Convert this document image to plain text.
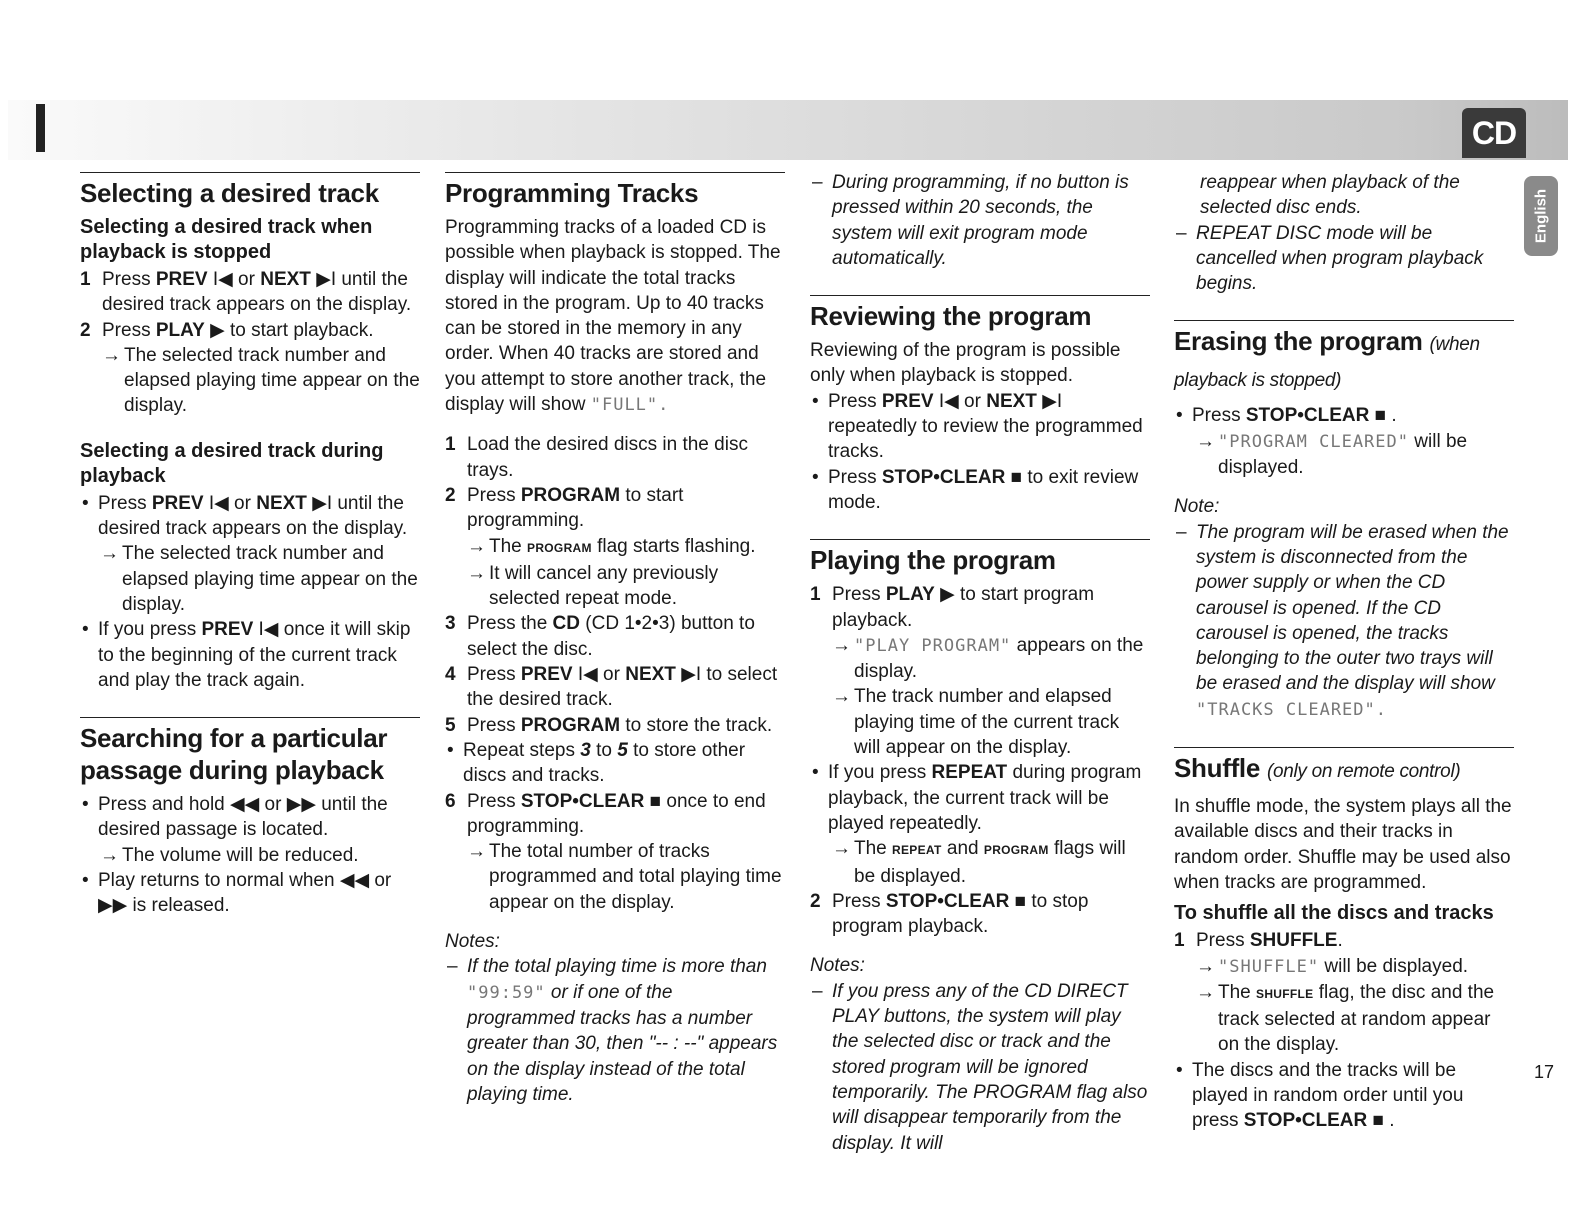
CD
English
Selecting a desired track
Selecting a desired track when playback is stopped

1 Press PREV I◀ or NEXT ▶I until the desired track appears on the display.

2 Press PLAY ▶ to start playback.

→ The selected track number and elapsed playing time appear on the display.

Selecting a desired track during playback

• Press PREV I◀ or NEXT ▶I until the desired track appears on the display.

→ The selected track number and elapsed playing time appear on the display.

• If you press PREV I◀ once it will skip to the beginning of the current track and play the track again.

Searching for a particular passage during playback

• Press and hold ◀◀ or ▶▶ until the desired passage is located.

→ The volume will be reduced.

• Play returns to normal when ◀◀ or ▶▶ is released.

Programming Tracks

Programming tracks of a loaded CD is possible when playback is stopped. The display will indicate the total tracks stored in the program. Up to 40 tracks can be stored in the memory in any order. When 40 tracks are stored and you attempt to store another track, the display will show "FULL".

1 Load the desired discs in the disc trays.

2 Press PROGRAM to start programming.

→ The PROGRAM flag starts flashing.

→ It will cancel any previously selected repeat mode.

3 Press the CD (CD 1•2•3) button to select the disc.

4 Press PREV I◀ or NEXT ▶I to select the desired track.

5 Press PROGRAM to store the track.

• Repeat steps 3 to 5 to store other discs and tracks.

6 Press STOP•CLEAR ■ once to end programming.

→ The total number of tracks programmed and total playing time appear on the display.

Notes:

– If the total playing time is more than "99:59" or if one of the programmed tracks has a number greater than 30, then "-- : --" appears on the display instead of the total playing time.

– During programming, if no button is pressed within 20 seconds, the system will exit program mode automatically.

Reviewing the program

Reviewing of the program is possible only when playback is stopped.

• Press PREV I◀ or NEXT ▶I repeatedly to review the programmed tracks.

• Press STOP•CLEAR ■ to exit review mode.

Playing the program

1 Press PLAY ▶ to start program playback.

→ "PLAY PROGRAM" appears on the display.

→ The track number and elapsed playing time of the current track will appear on the display.

• If you press REPEAT during program playback, the current track will be played repeatedly.

→ The REPEAT and PROGRAM flags will be displayed.

2 Press STOP•CLEAR ■ to stop program playback.

Notes:

– If you press any of the CD DIRECT PLAY buttons, the system will play the selected disc or track and the stored program will be ignored temporarily. The PROGRAM flag also will disappear temporarily from the display. It will

reappear when playback of the selected disc ends.

– REPEAT DISC mode will be cancelled when program playback begins.

Erasing the program (when playback is stopped)

• Press STOP•CLEAR ■ .

→ "PROGRAM CLEARED" will be displayed.

Note:

– The program will be erased when the system is disconnected from the power supply or when the CD carousel is opened. If the CD carousel is opened, the tracks belonging to the outer two trays will be erased and the display will show "TRACKS CLEARED".

Shuffle (only on remote control)

In shuffle mode, the system plays all the available discs and their tracks in random order. Shuffle may be used also when tracks are programmed.

To shuffle all the discs and tracks

1 Press SHUFFLE.

→ "SHUFFLE" will be displayed.

→ The SHUFFLE flag, the disc and the track selected at random appear on the display.

• The discs and the tracks will be played in random order until you press STOP•CLEAR ■ .

17
